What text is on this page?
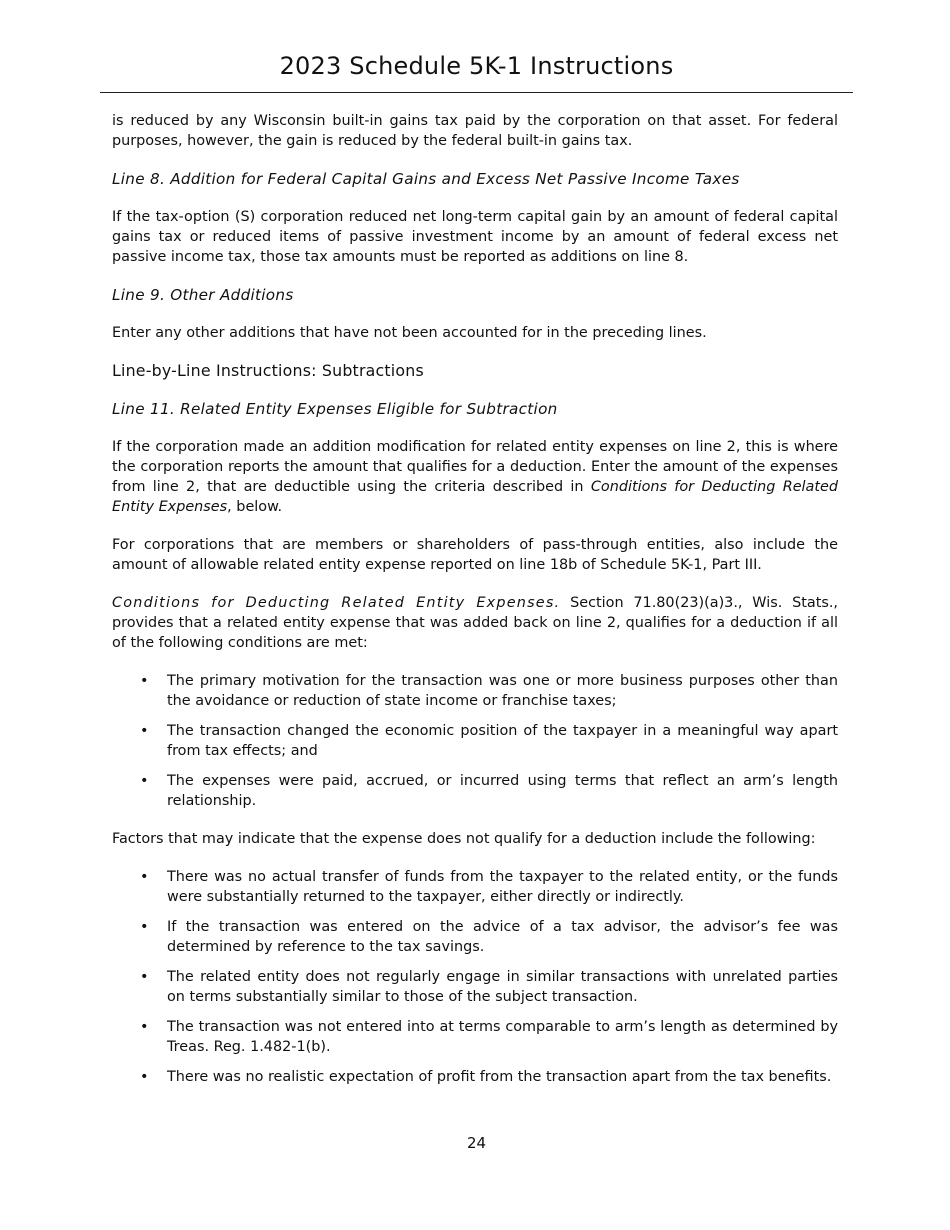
2023 Schedule 5K-1 Instructions

is reduced by any Wisconsin built-in gains tax paid by the corporation on that asset. For federal purposes, however, the gain is reduced by the federal built-in gains tax.

Line 8. Addition for Federal Capital Gains and Excess Net Passive Income Taxes

If the tax-option (S) corporation reduced net long-term capital gain by an amount of federal capital gains tax or reduced items of passive investment income by an amount of federal excess net passive income tax, those tax amounts must be reported as additions on line 8.

Line 9. Other Additions

Enter any other additions that have not been accounted for in the preceding lines.

Line-by-Line Instructions: Subtractions
Line 11. Related Entity Expenses Eligible for Subtraction

If the corporation made an addition modification for related entity expenses on line 2, this is where the corporation reports the amount that qualifies for a deduction. Enter the amount of the expenses from line 2, that are deductible using the criteria described in Conditions for Deducting Related Entity Expenses, below.

For corporations that are members or shareholders of pass-through entities, also include the amount of allowable related entity expense reported on line 18b of Schedule 5K-1, Part III.

Conditions for Deducting Related Entity Expenses. Section 71.80(23)(a)3., Wis. Stats., provides that a related entity expense that was added back on line 2, qualifies for a deduction if all of the following conditions are met:

• The primary motivation for the transaction was one or more business purposes other than the avoidance or reduction of state income or franchise taxes;
• The transaction changed the economic position of the taxpayer in a meaningful way apart from tax effects; and
• The expenses were paid, accrued, or incurred using terms that reflect an arm’s length relationship.

Factors that may indicate that the expense does not qualify for a deduction include the following:

• There was no actual transfer of funds from the taxpayer to the related entity, or the funds were substantially returned to the taxpayer, either directly or indirectly.
• If the transaction was entered on the advice of a tax advisor, the advisor’s fee was determined by reference to the tax savings.
• The related entity does not regularly engage in similar transactions with unrelated parties on terms substantially similar to those of the subject transaction.
• The transaction was not entered into at terms comparable to arm’s length as determined by Treas. Reg. 1.482-1(b).
• There was no realistic expectation of profit from the transaction apart from the tax benefits.
24
